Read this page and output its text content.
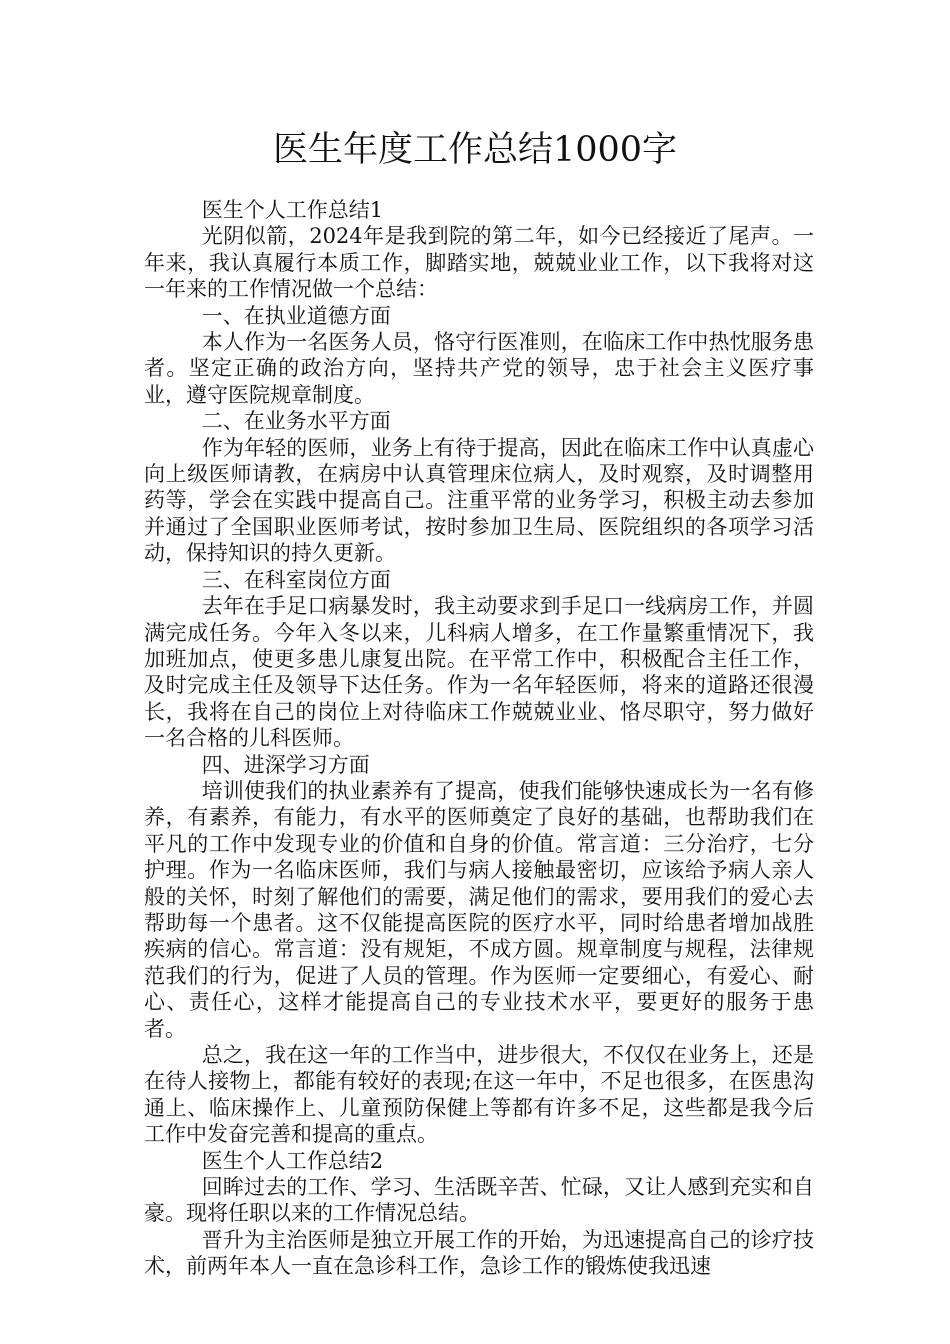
医生年度工作总结1000字

医生个人工作总结1

光阴似箭，2024年是我到院的第二年，如今已经接近了尾声。一年来，我认真履行本质工作，脚踏实地，兢兢业业工作，以下我将对这一年来的工作情况做一个总结：

一、在执业道德方面

本人作为一名医务人员，恪守行医准则，在临床工作中热忱服务患者。坚定正确的政治方向，坚持共产党的领导，忠于社会主义医疗事业，遵守医院规章制度。

二、在业务水平方面

作为年轻的医师，业务上有待于提高，因此在临床工作中认真虚心向上级医师请教，在病房中认真管理床位病人，及时观察，及时调整用药等，学会在实践中提高自己。注重平常的业务学习，积极主动去参加并通过了全国职业医师考试，按时参加卫生局、医院组织的各项学习活动，保持知识的持久更新。

三、在科室岗位方面

去年在手足口病暴发时，我主动要求到手足口一线病房工作，并圆满完成任务。今年入冬以来，儿科病人增多，在工作量繁重情况下，我加班加点，使更多患儿康复出院。在平常工作中，积极配合主任工作，及时完成主任及领导下达任务。作为一名年轻医师，将来的道路还很漫长，我将在自己的岗位上对待临床工作兢兢业业、恪尽职守，努力做好一名合格的儿科医师。

四、进深学习方面

培训使我们的执业素养有了提高，使我们能够快速成长为一名有修养，有素养，有能力，有水平的医师奠定了良好的基础，也帮助我们在平凡的工作中发现专业的价值和自身的价值。常言道：三分治疗，七分护理。作为一名临床医师，我们与病人接触最密切，应该给予病人亲人般的关怀，时刻了解他们的需要，满足他们的需求，要用我们的爱心去帮助每一个患者。这不仅能提高医院的医疗水平，同时给患者增加战胜疾病的信心。常言道：没有规矩，不成方圆。规章制度与规程，法律规范我们的行为，促进了人员的管理。作为医师一定要细心，有爱心、耐心、责任心，这样才能提高自己的专业技术水平，要更好的服务于患者。

总之，我在这一年的工作当中，进步很大，不仅仅在业务上，还是在待人接物上，都能有较好的表现;在这一年中，不足也很多，在医患沟通上、临床操作上、儿童预防保健上等都有许多不足，这些都是我今后工作中发奋完善和提高的重点。

医生个人工作总结2

回眸过去的工作、学习、生活既辛苦、忙碌，又让人感到充实和自豪。现将任职以来的工作情况总结。

晋升为主治医师是独立开展工作的开始，为迅速提高自己的诊疗技术，前两年本人一直在急诊科工作，急诊工作的锻炼使我迅速
